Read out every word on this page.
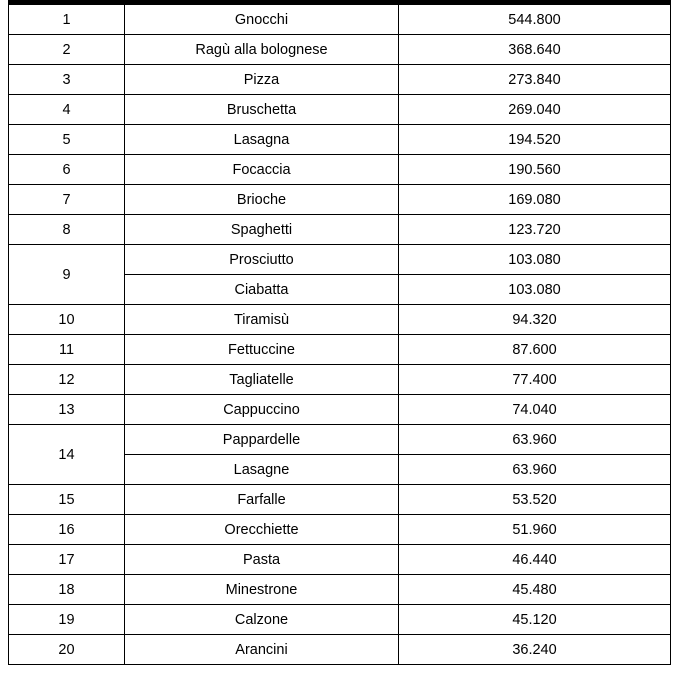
1	Gnocchi	544.800
2	Ragù alla bolognese	368.640
3	Pizza	273.840
4	Bruschetta	269.040
5	Lasagna	194.520
6	Focaccia	190.560
7	Brioche	169.080
8	Spaghetti	123.720
9	Prosciutto	103.080
	Ciabatta	103.080
10	Tiramisù	94.320
11	Fettuccine	87.600
12	Tagliatelle	77.400
13	Cappuccino	74.040
14	Pappardelle	63.960
	Lasagne	63.960
15	Farfalle	53.520
16	Orecchiette	51.960
17	Pasta	46.440
18	Minestrone	45.480
19	Calzone	45.120
20	Arancini	36.240
